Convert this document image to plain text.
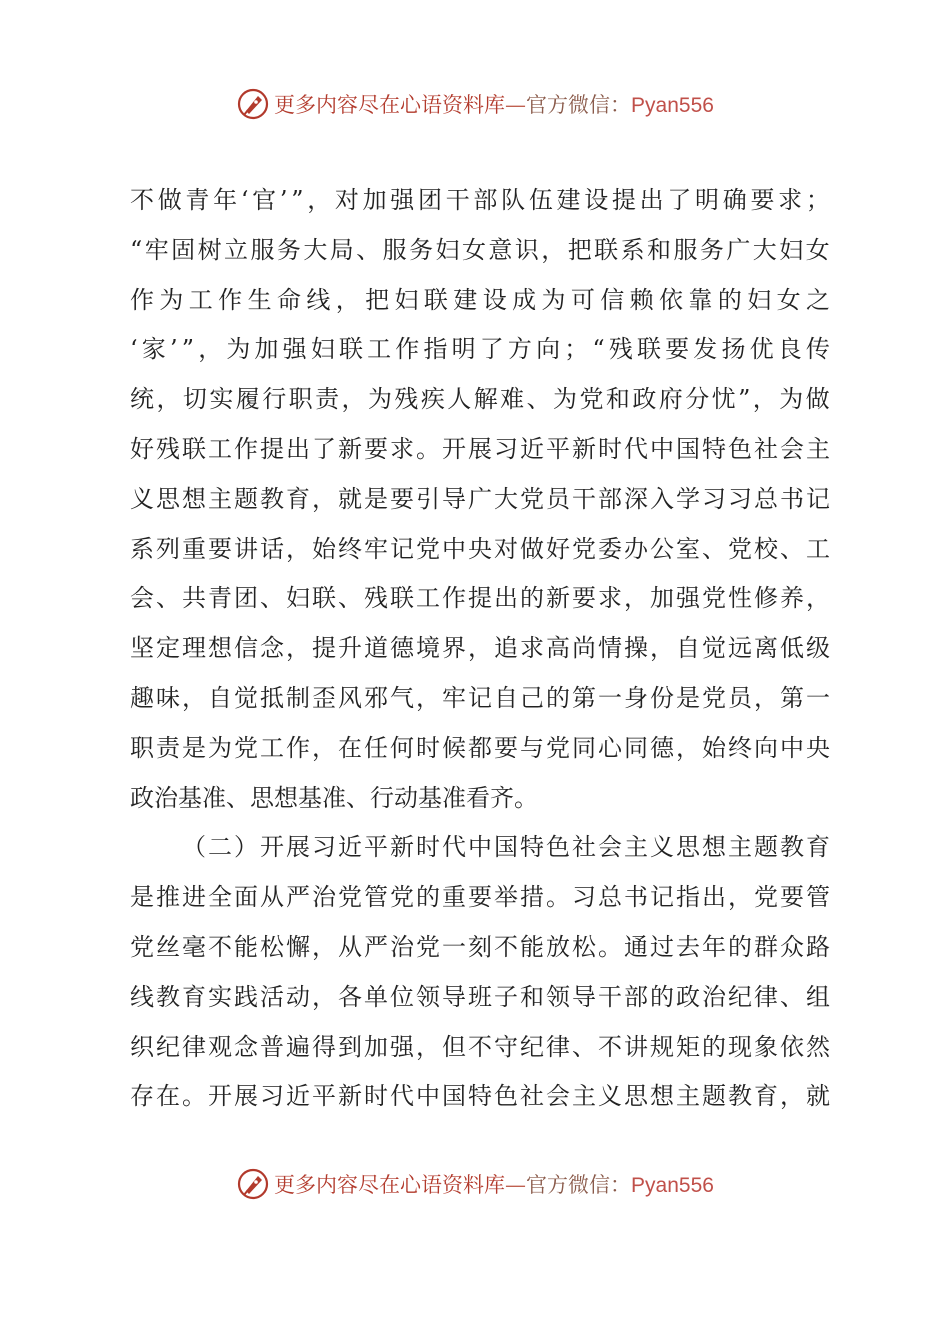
更多内容尽在心语资料库—官方微信：Pyan556
不 做 青 年 ‘ 官 ’ ” ， 对 加 强 团 干 部 队 伍 建 设 提 出 了 明 确 要 求 ；
“ 牢 固 树 立 服 务 大 局 、 服 务 妇 女 意 识 ， 把 联 系 和 服 务 广 大 妇 女
作 为 工 作 生 命 线 ， 把 妇 联 建 设 成 为 可 信 赖 依 靠 的 妇 女 之
‘ 家 ’ ” ， 为 加 强 妇 联 工 作 指 明 了 方 向 ； “ 残 联 要 发 扬 优 良 传
统 ， 切 实 履 行 职 责 ， 为 残 疾 人 解 难 、 为 党 和 政 府 分 忧 ” ， 为 做
好 残 联 工 作 提 出 了 新 要 求 。 开 展 习 近 平 新 时 代 中 国 特 色 社 会 主
义 思 想 主 题 教 育 ， 就 是 要 引 导 广 大 党 员 干 部 深 入 学 习 习 总 书 记
系 列 重 要 讲 话 ， 始 终 牢 记 党 中 央 对 做 好 党 委 办 公 室 、 党 校 、 工
会 、 共 青 团 、 妇 联 、 残 联 工 作 提 出 的 新 要 求 ， 加 强 党 性 修 养 ，
坚 定 理 想 信 念 ， 提 升 道 德 境 界 ， 追 求 高 尚 情 操 ， 自 觉 远 离 低 级
趣 味 ， 自 觉 抵 制 歪 风 邪 气 ， 牢 记 自 己 的 第 一 身 份 是 党 员 ， 第 一
职 责 是 为 党 工 作 ， 在 任 何 时 候 都 要 与 党 同 心 同 德 ， 始 终 向 中 央
政 治 基 准 、 思 想 基 准 、 行 动 基 准 看 齐 。

（ 二 ） 开 展 习 近 平 新 时 代 中 国 特 色 社 会 主 义 思 想 主 题 教 育
是 推 进 全 面 从 严 治 党 管 党 的 重 要 举 措 。 习 总 书 记 指 出 ， 党 要 管
党 丝 毫 不 能 松 懈 ， 从 严 治 党 一 刻 不 能 放 松 。 通 过 去 年 的 群 众 路
线 教 育 实 践 活 动 ， 各 单 位 领 导 班 子 和 领 导 干 部 的 政 治 纪 律 、 组
织 纪 律 观 念 普 遍 得 到 加 强 ， 但 不 守 纪 律 、 不 讲 规 矩 的 现 象 依 然
存 在 。 开 展 习 近 平 新 时 代 中 国 特 色 社 会 主 义 思 想 主 题 教 育 ， 就
更多内容尽在心语资料库—官方微信：Pyan556
